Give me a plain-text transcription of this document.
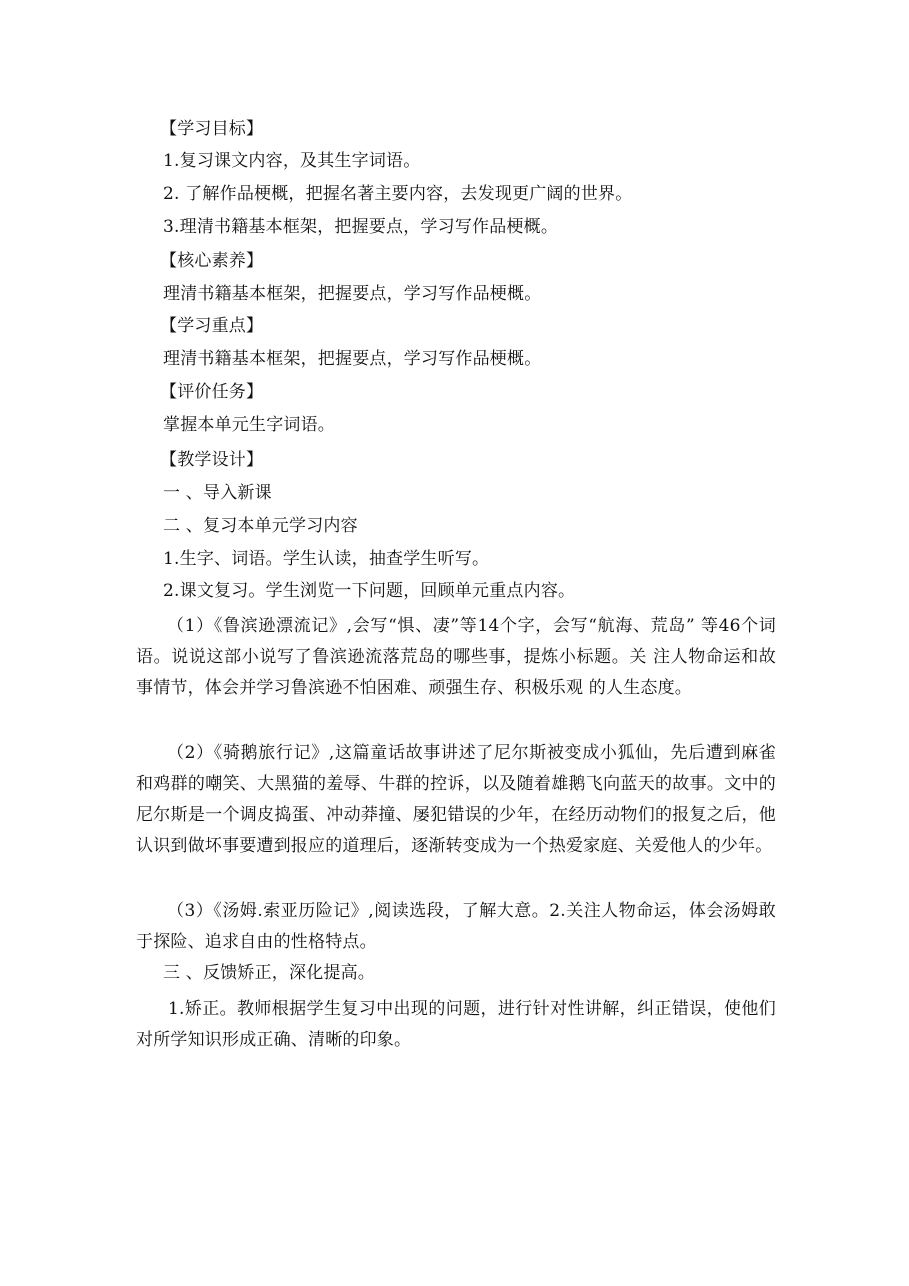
【学习目标】
1.复习课文内容，及其生字词语。
2. 了解作品梗概，把握名著主要内容，去发现更广阔的世界。
3.理清书籍基本框架，把握要点，学习写作品梗概。
【核心素养】
理清书籍基本框架，把握要点，学习写作品梗概。
【学习重点】
理清书籍基本框架，把握要点，学习写作品梗概。
【评价任务】
掌握本单元生字词语。
【教学设计】
一 、导入新课
二 、复习本单元学习内容
1.生字、词语。学生认读，抽查学生听写。
2.课文复习。学生浏览一下问题，回顾单元重点内容。
（1）《鲁滨逊漂流记》,会写“惧、凄”等14个字，会写“航海、荒岛” 等46个词语。说说这部小说写了鲁滨逊流落荒岛的哪些事，提炼小标题。关 注人物命运和故事情节，体会并学习鲁滨逊不怕困难、顽强生存、积极乐观 的人生态度。
（2）《骑鹅旅行记》,这篇童话故事讲述了尼尔斯被变成小狐仙，先后遭到麻雀和鸡群的嘲笑、大黑猫的羞辱、牛群的控诉，以及随着雄鹅飞向蓝天的故事。文中的尼尔斯是一个调皮捣蛋、冲动莽撞、屡犯错误的少年，在经历动物们的报复之后，他认识到做坏事要遭到报应的道理后，逐渐转变成为一个热爱家庭、关爱他人的少年。
（3）《汤姆.索亚历险记》,阅读选段，了解大意。2.关注人物命运，体会汤姆敢于探险、追求自由的性格特点。
三 、反馈矫正，深化提高。
1.矫正。教师根据学生复习中出现的问题，进行针对性讲解，纠正错误，使他们对所学知识形成正确、清晰的印象。
